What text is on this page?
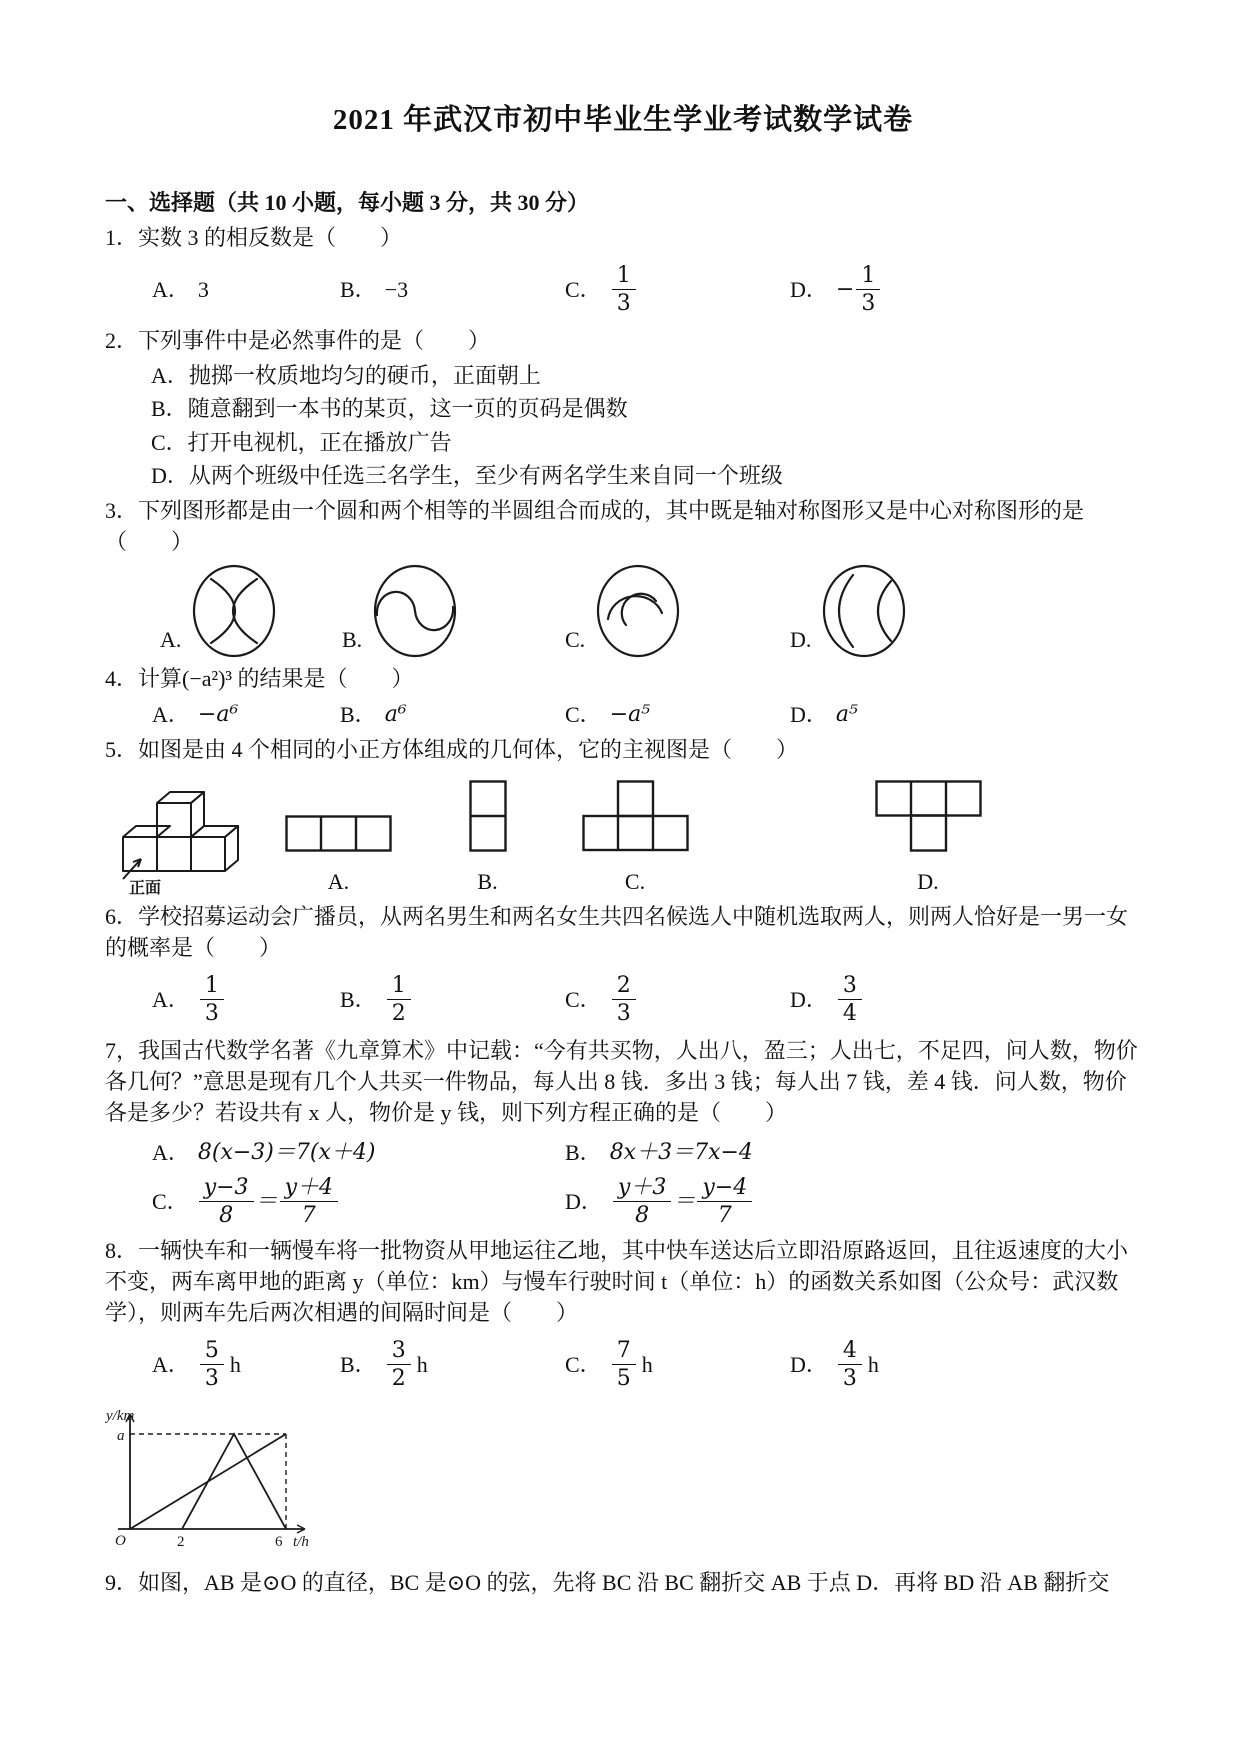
2021 年武汉市初中毕业生学业考试数学试卷
一、选择题（共 10 小题，每小题 3 分，共 30 分）

1．实数 3 的相反数是（　　）

A． 3	B． −3	C． $\frac{1}{3}$	D． − $\frac{1}{3}$

2．下列事件中是必然事件的是（　　）

A．抛掷一枚质地均匀的硬币，正面朝上
B．随意翻到一本书的某页，这一页的页码是偶数
C．打开电视机，正在播放广告
D．从两个班级中任选三名学生，至少有两名学生来自同一个班级

3．下列图形都是由一个圆和两个相等的半圆组合而成的，其中既是轴对称图形又是中心对称图形的是（　　）

A.	B.	C.	D.

4．计算(−a²)³ 的结果是（　　）

A． −a⁶	B． a⁶	C． −a⁵	D． a⁵

5．如图是由 4 个相同的小正方体组成的几何体，它的主视图是（　　）

正面	A.	B.	C.	D.

6．学校招募运动会广播员，从两名男生和两名女生共四名候选人中随机选取两人，则两人恰好是一男一女的概率是（　　）

A． $\frac{1}{3}$	B． $\frac{1}{2}$	C． $\frac{2}{3}$	D． $\frac{3}{4}$

7，我国古代数学名著《九章算术》中记载：“今有共买物，人出八，盈三；人出七，不足四，问人数，物价各几何？”意思是现有几个人共买一件物品，每人出 8 钱．多出 3 钱；每人出 7 钱，差 4 钱．问人数，物价各是多少？若设共有 x 人，物价是 y 钱，则下列方程正确的是（　　）

A． 8(x−3)＝7(x＋4)	B． 8x＋3＝7x−4
C． $\frac{y-3}{8} = \frac{y+4}{7}$	D． $\frac{y+3}{8} = \frac{y-4}{7}$

8．一辆快车和一辆慢车将一批物资从甲地运往乙地，其中快车送达后立即沿原路返回，且往返速度的大小不变，两车离甲地的距离 y（单位：km）与慢车行驶时间 t（单位：h）的函数关系如图（公众号：武汉数学），则两车先后两次相遇的间隔时间是（　　）

A． $\frac{5}{3}$ h	B． $\frac{3}{2}$ h	C． $\frac{7}{5}$ h	D． $\frac{4}{3}$ h
y/km
a
O	2	6 t/h

9．如图，AB 是⊙O 的直径，BC 是⊙O 的弦，先将 BC 沿 BC 翻折交 AB 于点 D．再将 BD 沿 AB 翻折交
